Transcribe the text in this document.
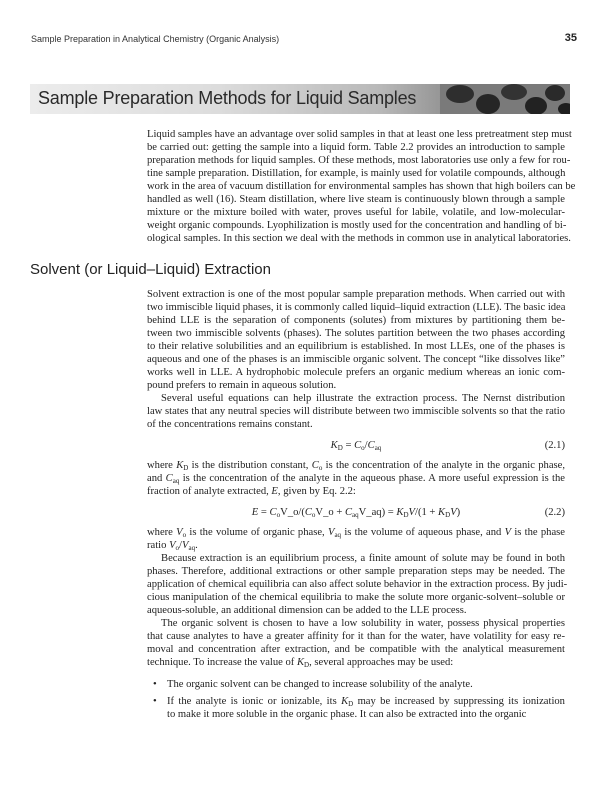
Sample Preparation in Analytical Chemistry (Organic Analysis)	35
Sample Preparation Methods for Liquid Samples
Liquid samples have an advantage over solid samples in that at least one less pretreatment step must
be carried out: getting the sample into a liquid form. Table 2.2 provides an introduction to sample
preparation methods for liquid samples. Of these methods, most laboratories use only a few for rou-
tine sample preparation. Distillation, for example, is mainly used for volatile compounds, although
work in the area of vacuum distillation for environmental samples has shown that high boilers can be
handled as well (16). Steam distillation, where live steam is continuously blown through a sample
mixture or the mixture boiled with water, proves useful for labile, volatile, and low-molecular-
weight organic compounds. Lyophilization is mostly used for the concentration and handling of bi-
ological samples. In this section we deal with the methods in common use in analytical laboratories.
Solvent (or Liquid–Liquid) Extraction
Solvent extraction is one of the most popular sample preparation methods. When carried out with
two immiscible liquid phases, it is commonly called liquid–liquid extraction (LLE). The basic idea
behind LLE is the separation of components (solutes) from mixtures by partitioning them be-
tween two immiscible solvents (phases). The solutes partition between the two phases according
to their relative solubilities and an equilibrium is established. In most LLEs, one of the phases is
aqueous and one of the phases is an immiscible organic solvent. The concept “like dissolves like”
works well in LLE. A hydrophobic molecule prefers an organic medium whereas an ionic com-
pound prefers to remain in aqueous solution.
Several useful equations can help illustrate the extraction process. The Nernst distribution
law states that any neutral species will distribute between two immiscible solvents so that the ratio
of the concentrations remains constant.
$K_D = C_o/C_{aq}$	(2.1)
where $K_D$ is the distribution constant, $C_o$ is the concentration of the analyte in the organic phase,
and $C_{aq}$ is the concentration of the analyte in the aqueous phase. A more useful expression is the
fraction of analyte extracted, E, given by Eq. 2.2:
$E = C_oV\_o/(C_oV\_o$ + $C_{aq}V\_aq) = K_DV/(1 + K_DV)$	(2.2)
where $V_o$ is the volume of organic phase, $V_{aq}$ is the volume of aqueous phase, and V is the phase
ratio $V_o/V_{aq}$.
Because extraction is an equilibrium process, a finite amount of solute may be found in both
phases. Therefore, additional extractions or other sample preparation steps may be needed. The
application of chemical equilibria can also affect solute behavior in the extraction process. By judi-
cious manipulation of the chemical equilibria to make the solute more organic-solvent–soluble or
aqueous-soluble, an additional dimension can be added to the LLE process.
The organic solvent is chosen to have a low solubility in water, possess physical properties
that cause analytes to have a greater affinity for it than for the water, have volatility for easy re-
moval and concentration after extraction, and be compatible with the analytical measurement
technique. To increase the value of $K_D$, several approaches may be used:
• The organic solvent can be changed to increase solubility of the analyte.
• If the analyte is ionic or ionizable, its $K_D$ may be increased by suppressing its ionization
to make it more soluble in the organic phase. It can also be extracted into the organic
